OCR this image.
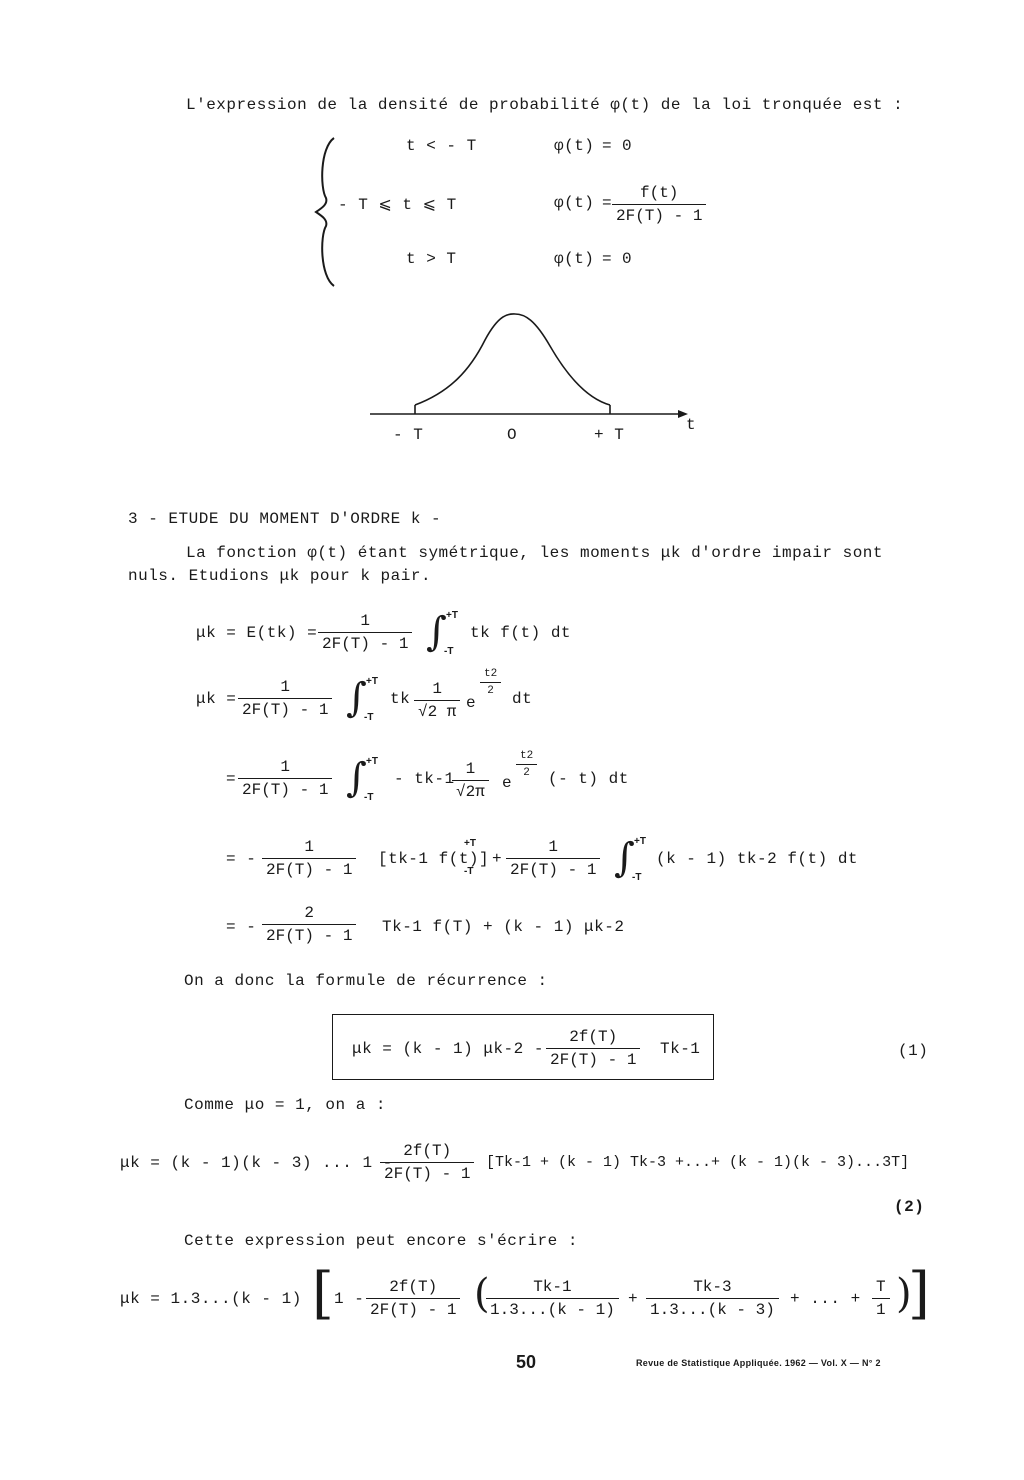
L'expression de la densité de probabilité φ(t) de la loi tronquée est :
t < - T	φ(t) = 0
- T ⩽ t ⩽ T	$\varphi(t) = \frac{f(t)}{2F(T) - 1}$
t > T	φ(t) = 0
- T	O	+ T
t
3 - ETUDE DU MOMENT D'ORDRE k -
La fonction φ(t) étant symétrique, les moments μk d'ordre impair sont
nuls. Etudions μk pour k pair.
$\mu k = E(tk) = \frac{1}{2F(T) - 1}$ ∫ +T
-T
tk f(t) dt
$\mu k = \frac{1}{2F(T) - 1}$ ∫ +T
-T
tk $\frac{1}{√2 \pi}$ e
$\frac{t2}{2}$
dt
= $\frac{1}{2F(T) - 1}$ ∫ +T
-T
- tk-1
$\frac{1}{√2\pi}$ e
$\frac{t2}{2}$ (- t) dt
= - $\frac{1}{2F(T) - 1} [tk-1$ f(t)]
+T
-T
+ $\frac{1}{2F(T) - 1}$ ∫ +T
-T
(k - 1) tk-2 f(t) dt
= - $\frac{2}{2F(T) - 1} Tk-1$ f(T) + (k - 1) μk-2
On a donc la formule de récurrence :
μk = (k - 1) $\mu k-2 - \frac{2f(T)}{2F(T) - 1} Tk-1$	(1)
Comme μo = 1, on a :
μk = (k - 1)(k - 3) ... 1 -
$\frac{2f(T)}{2F(T) - 1} [Tk-1 + (k - 1)$ Tk-3 +...+ (k - 1)(k - 3)...3T]
(2)
Cette expression peut encore s'écrire :
μk = 1.3...(k - 1) [ $1 - \frac{2f(T)}{2F(T) - 1}$ (
$\frac{Tk-1}{1.3...(k - 1)} + \frac{Tk-3}{1.3...(k - 3)}$ + ... + $\frac{T}{1}$ )
]
50	Revue de Statistique Appliquée. 1962 — Vol. X — N° 2
